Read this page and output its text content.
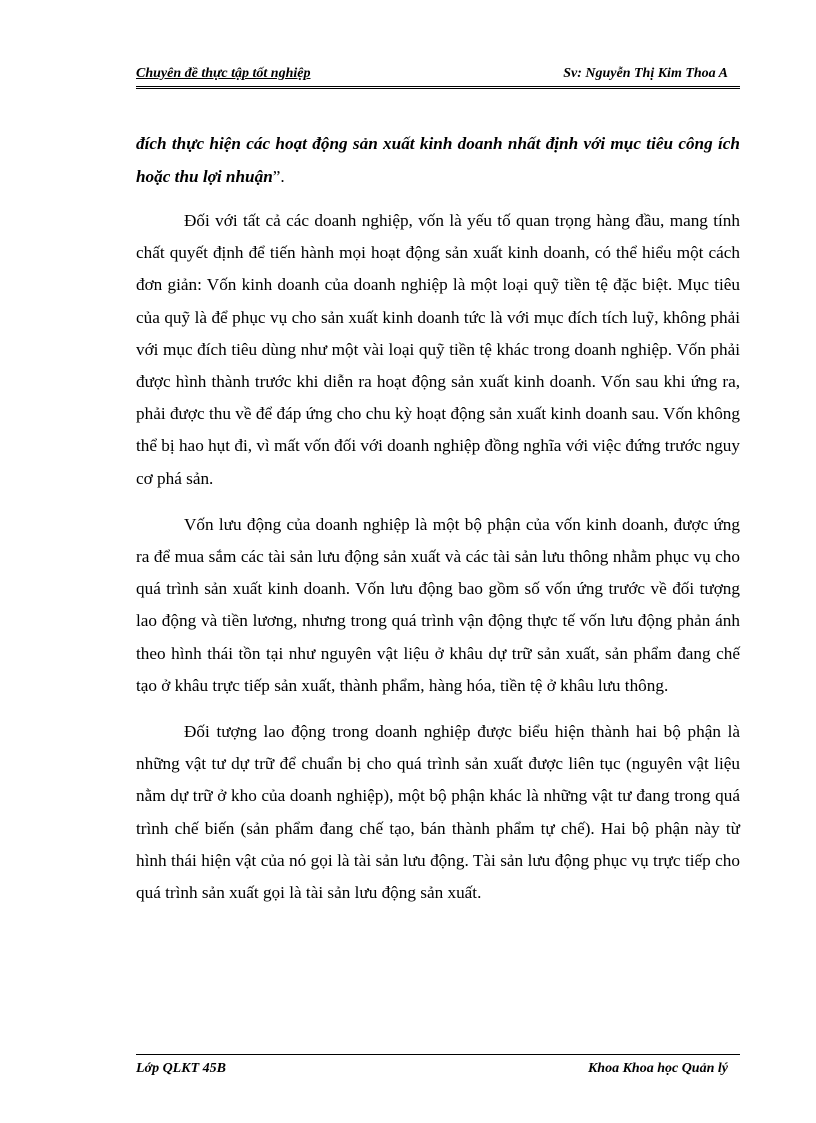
Chuyên đề thực tập tốt nghiệp	Sv: Nguyễn Thị Kim Thoa A

đích thực hiện các hoạt động sản xuất kinh doanh nhất định với mục tiêu công ích hoặc thu lợi nhuận”.

Đối với tất cả các doanh nghiệp, vốn là yếu tố quan trọng hàng đầu, mang tính chất quyết định để tiến hành mọi hoạt động sản xuất kinh doanh, có thể hiểu một cách đơn giản: Vốn kinh doanh của doanh nghiệp là một loại quỹ tiền tệ đặc biệt. Mục tiêu của quỹ là để phục vụ cho sản xuất kinh doanh tức là với mục đích tích luỹ, không phải với mục đích tiêu dùng như một vài loại quỹ tiền tệ khác trong doanh nghiệp. Vốn phải được hình thành trước khi diễn ra hoạt động sản xuất kinh doanh. Vốn sau khi ứng ra, phải được thu về để đáp ứng cho chu kỳ hoạt động sản xuất kinh doanh sau. Vốn không thể bị hao hụt đi, vì mất vốn đối với doanh nghiệp đồng nghĩa với việc đứng trước nguy cơ phá sản.

Vốn lưu động của doanh nghiệp là một bộ phận của vốn kinh doanh, được ứng ra để mua sắm các tài sản lưu động sản xuất và các tài sản lưu thông nhằm phục vụ cho quá trình sản xuất kinh doanh. Vốn lưu động bao gồm số vốn ứng trước về đối tượng lao động và tiền lương, nhưng trong quá trình vận động thực tế vốn lưu động phản ánh theo hình thái tồn tại như nguyên vật liệu ở khâu dự trữ sản xuất, sản phẩm đang chế tạo ở khâu trực tiếp sản xuất, thành phẩm, hàng hóa, tiền tệ ở khâu lưu thông.

Đối tượng lao động trong doanh nghiệp được biểu hiện thành hai bộ phận là những vật tư dự trữ để chuẩn bị cho quá trình sản xuất được liên tục (nguyên vật liệu nằm dự trữ ở kho của doanh nghiệp), một bộ phận khác là những vật tư đang trong quá trình chế biến (sản phẩm đang chế tạo, bán thành phẩm tự chế). Hai bộ phận này từ hình thái hiện vật của nó gọi là tài sản lưu động. Tài sản lưu động phục vụ trực tiếp cho quá trình sản xuất gọi là tài sản lưu động sản xuất.

Lớp QLKT 45B	Khoa Khoa học Quản lý
